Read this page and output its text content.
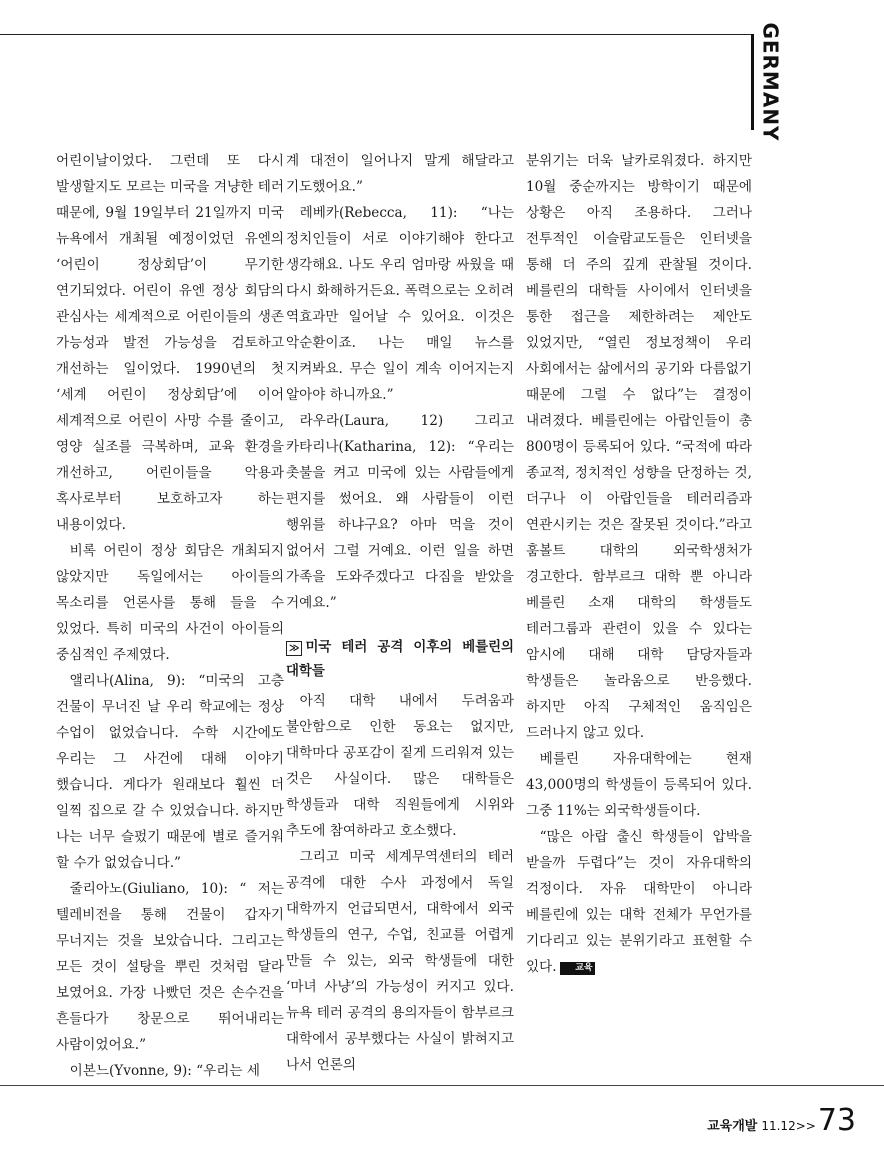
GERMANY

어린이날이었다. 그런데 또 다시 발생할지도 모르는 미국을 겨냥한 테러 때문에, 9월 19일부터 21일까지 미국 뉴욕에서 개최될 예정이었던 유엔의 ‘어린이 정상회담’이 무기한 연기되었다. 어린이 유엔 정상 회담의 관심사는 세계적으로 어린이들의 생존 가능성과 발전 가능성을 검토하고 개선하는 일이었다. 1990년의 첫 ‘세계 어린이 정상회담’에 이어 세계적으로 어린이 사망 수를 줄이고, 영양 실조를 극복하며, 교육 환경을 개선하고, 어린이들을 악용과 혹사로부터 보호하고자 하는 내용이었다.

비록 어린이 정상 회담은 개최되지 않았지만 독일에서는 아이들의 목소리를 언론사를 통해 들을 수 있었다. 특히 미국의 사건이 아이들의 중심적인 주제였다.

앨리나(Alina, 9): “미국의 고층 건물이 무너진 날 우리 학교에는 정상 수업이 없었습니다. 수학 시간에도 우리는 그 사건에 대해 이야기 했습니다. 게다가 원래보다 훨씬 더 일찍 집으로 갈 수 있었습니다. 하지만 나는 너무 슬펐기 때문에 별로 즐거워 할 수가 없었습니다.”

줄리아노(Giuliano, 10): “ 저는 텔레비전을 통해 건물이 갑자기 무너지는 것을 보았습니다. 그리고는 모든 것이 설탕을 뿌린 것처럼 달라 보였어요. 가장 나빴던 것은 손수건을 흔들다가 창문으로 뛰어내리는 사람이었어요.”

이본느(Yvonne, 9): “우리는 세

계 대전이 일어나지 말게 해달라고 기도했어요.”

레베카(Rebecca, 11): “나는 정치인들이 서로 이야기해야 한다고 생각해요. 나도 우리 엄마랑 싸웠을 때 다시 화해하거든요. 폭력으로는 오히려 역효과만 일어날 수 있어요. 이것은 악순환이죠. 나는 매일 뉴스를 지켜봐요. 무슨 일이 계속 이어지는지 알아야 하니까요.”

라우라(Laura, 12) 그리고 카타리나(Katharina, 12): “우리는 촛불을 켜고 미국에 있는 사람들에게 편지를 썼어요. 왜 사람들이 이런 행위를 하냐구요? 아마 먹을 것이 없어서 그럴 거예요. 이런 일을 하면 가족을 도와주겠다고 다짐을 받았을 거예요.”

≫ 미국 테러 공격 이후의 베를린의 대학들

아직 대학 내에서 두려움과 불안함으로 인한 동요는 없지만, 대학마다 공포감이 짙게 드리워져 있는 것은 사실이다. 많은 대학들은 학생들과 대학 직원들에게 시위와 추도에 참여하라고 호소했다.

그리고 미국 세계무역센터의 테러 공격에 대한 수사 과정에서 독일 대학까지 언급되면서, 대학에서 외국 학생들의 연구, 수업, 친교를 어렵게 만들 수 있는, 외국 학생들에 대한 ‘마녀 사냥’의 가능성이 커지고 있다. 뉴욕 테러 공격의 용의자들이 함부르크 대학에서 공부했다는 사실이 밝혀지고 나서 언론의

분위기는 더욱 날카로워졌다. 하지만 10월 중순까지는 방학이기 때문에 상황은 아직 조용하다. 그러나 전투적인 이슬람교도들은 인터넷을 통해 더 주의 깊게 관찰될 것이다. 베를린의 대학들 사이에서 인터넷을 통한 접근을 제한하려는 제안도 있었지만, “열린 정보정책이 우리 사회에서는 삶에서의 공기와 다름없기 때문에 그럴 수 없다”는 결정이 내려졌다. 베를린에는 아랍인들이 총 800명이 등록되어 있다. “국적에 따라 종교적, 정치적인 성향을 단정하는 것, 더구나 이 아랍인들을 테러리즘과 연관시키는 것은 잘못된 것이다.”라고 훔볼트 대학의 외국학생처가 경고한다. 함부르크 대학 뿐 아니라 베를린 소재 대학의 학생들도 테러그룹과 관련이 있을 수 있다는 암시에 대해 대학 담당자들과 학생들은 놀라움으로 반응했다. 하지만 아직 구체적인 움직임은 드러나지 않고 있다.

베를린 자유대학에는 현재 43,000명의 학생들이 등록되어 있다. 그중 11%는 외국학생들이다.

“많은 아랍 출신 학생들이 압박을 받을까 두렵다”는 것이 자유대학의 걱정이다. 자유 대학만이 아니라 베를린에 있는 대학 전체가 무언가를 기다리고 있는 분위기라고 표현할 수 있다. 교육

교육개발 11.12 >> 73
